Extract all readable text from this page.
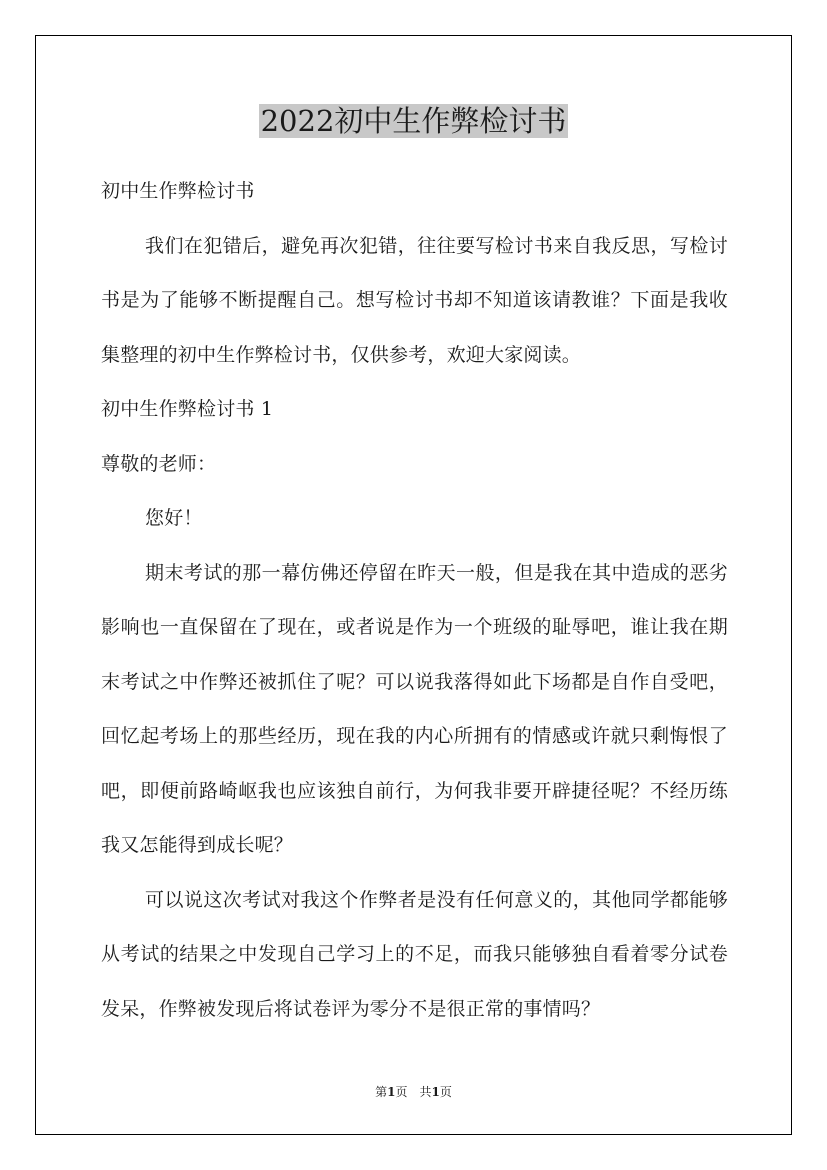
2022初中生作弊检讨书

初中生作弊检讨书

我们在犯错后，避免再次犯错，往往要写检讨书来自我反思，写检讨书是为了能够不断提醒自己。想写检讨书却不知道该请教谁？下面是我收集整理的初中生作弊检讨书，仅供参考，欢迎大家阅读。

初中生作弊检讨书 1

尊敬的老师：

您好！

期末考试的那一幕仿佛还停留在昨天一般，但是我在其中造成的恶劣影响也一直保留在了现在，或者说是作为一个班级的耻辱吧，谁让我在期末考试之中作弊还被抓住了呢？可以说我落得如此下场都是自作自受吧，回忆起考场上的那些经历，现在我的内心所拥有的情感或许就只剩悔恨了吧，即便前路崎岖我也应该独自前行，为何我非要开辟捷径呢？不经历练我又怎能得到成长呢？

可以说这次考试对我这个作弊者是没有任何意义的，其他同学都能够从考试的结果之中发现自己学习上的不足，而我只能够独自看着零分试卷发呆，作弊被发现后将试卷评为零分不是很正常的事情吗？

第1页 共1页
